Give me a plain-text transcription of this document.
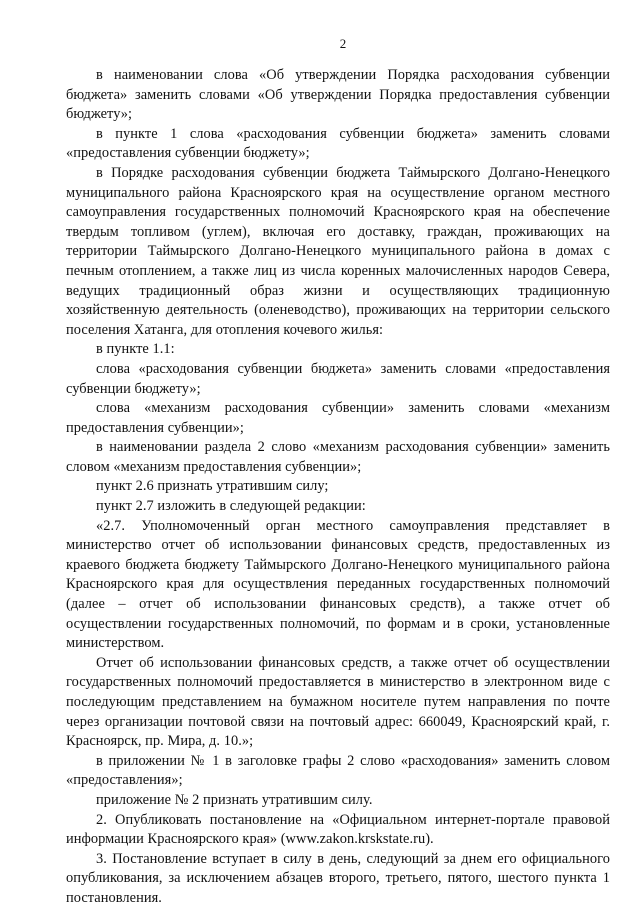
2

в наименовании слова «Об утверждении Порядка расходования субвенции бюджета» заменить словами «Об утверждении Порядка предоставления субвенции бюджету»;

в пункте 1 слова «расходования субвенции бюджета» заменить словами «предоставления субвенции бюджету»;

в Порядке расходования субвенции бюджета Таймырского Долгано-Ненецкого муниципального района Красноярского края на осуществление органом местного самоуправления государственных полномочий Красноярского края на обеспечение твердым топливом (углем), включая его доставку, граждан, проживающих на территории Таймырского Долгано-Ненецкого муниципального района в домах с печным отоплением, а также лиц из числа коренных малочисленных народов Севера, ведущих традиционный образ жизни и осуществляющих традиционную хозяйственную деятельность (оленеводство), проживающих на территории сельского поселения Хатанга, для отопления кочевого жилья:

в пункте 1.1:

слова «расходования субвенции бюджета» заменить словами «предоставления субвенции бюджету»;

слова «механизм расходования субвенции» заменить словами «механизм предоставления субвенции»;

в наименовании раздела 2 слово «механизм расходования субвенции» заменить словом «механизм предоставления субвенции»;

пункт 2.6 признать утратившим силу;

пункт 2.7 изложить в следующей редакции:

«2.7. Уполномоченный орган местного самоуправления представляет в министерство отчет об использовании финансовых средств, предоставленных из краевого бюджета бюджету Таймырского Долгано-Ненецкого муниципального района Красноярского края для осуществления переданных государственных полномочий (далее – отчет об использовании финансовых средств), а также отчет об осуществлении государственных полномочий, по формам и в сроки, установленные министерством.

Отчет об использовании финансовых средств, а также отчет об осуществлении государственных полномочий предоставляется в министерство в электронном виде с последующим представлением на бумажном носителе путем направления по почте через организации почтовой связи на почтовый адрес: 660049, Красноярский край, г. Красноярск, пр. Мира, д. 10.»;

в приложении № 1 в заголовке графы 2 слово «расходования» заменить словом «предоставления»;

приложение № 2 признать утратившим силу.

2. Опубликовать постановление на «Официальном интернет-портале правовой информации Красноярского края» (www.zakon.krskstate.ru).

3. Постановление вступает в силу в день, следующий за днем его официального опубликования, за исключением абзацев второго, третьего, пятого, шестого пункта 1 постановления.
